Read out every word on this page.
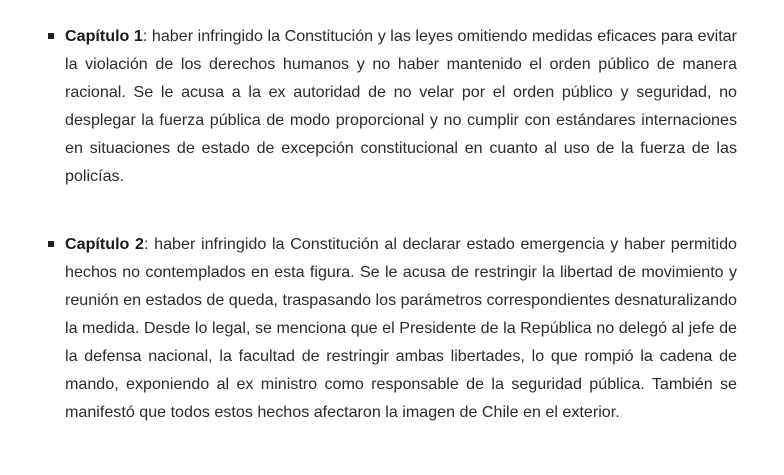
Capítulo 1: haber infringido la Constitución y las leyes omitiendo medidas eficaces para evitar la violación de los derechos humanos y no haber mantenido el orden público de manera racional. Se le acusa a la ex autoridad de no velar por el orden público y seguridad, no desplegar la fuerza pública de modo proporcional y no cumplir con estándares internaciones en situaciones de estado de excepción constitucional en cuanto al uso de la fuerza de las policías.
Capítulo 2: haber infringido la Constitución al declarar estado emergencia y haber permitido hechos no contemplados en esta figura. Se le acusa de restringir la libertad de movimiento y reunión en estados de queda, traspasando los parámetros correspondientes desnaturalizando la medida. Desde lo legal, se menciona que el Presidente de la República no delegó al jefe de la defensa nacional, la facultad de restringir ambas libertades, lo que rompió la cadena de mando, exponiendo al ex ministro como responsable de la seguridad pública. También se manifestó que todos estos hechos afectaron la imagen de Chile en el exterior.
